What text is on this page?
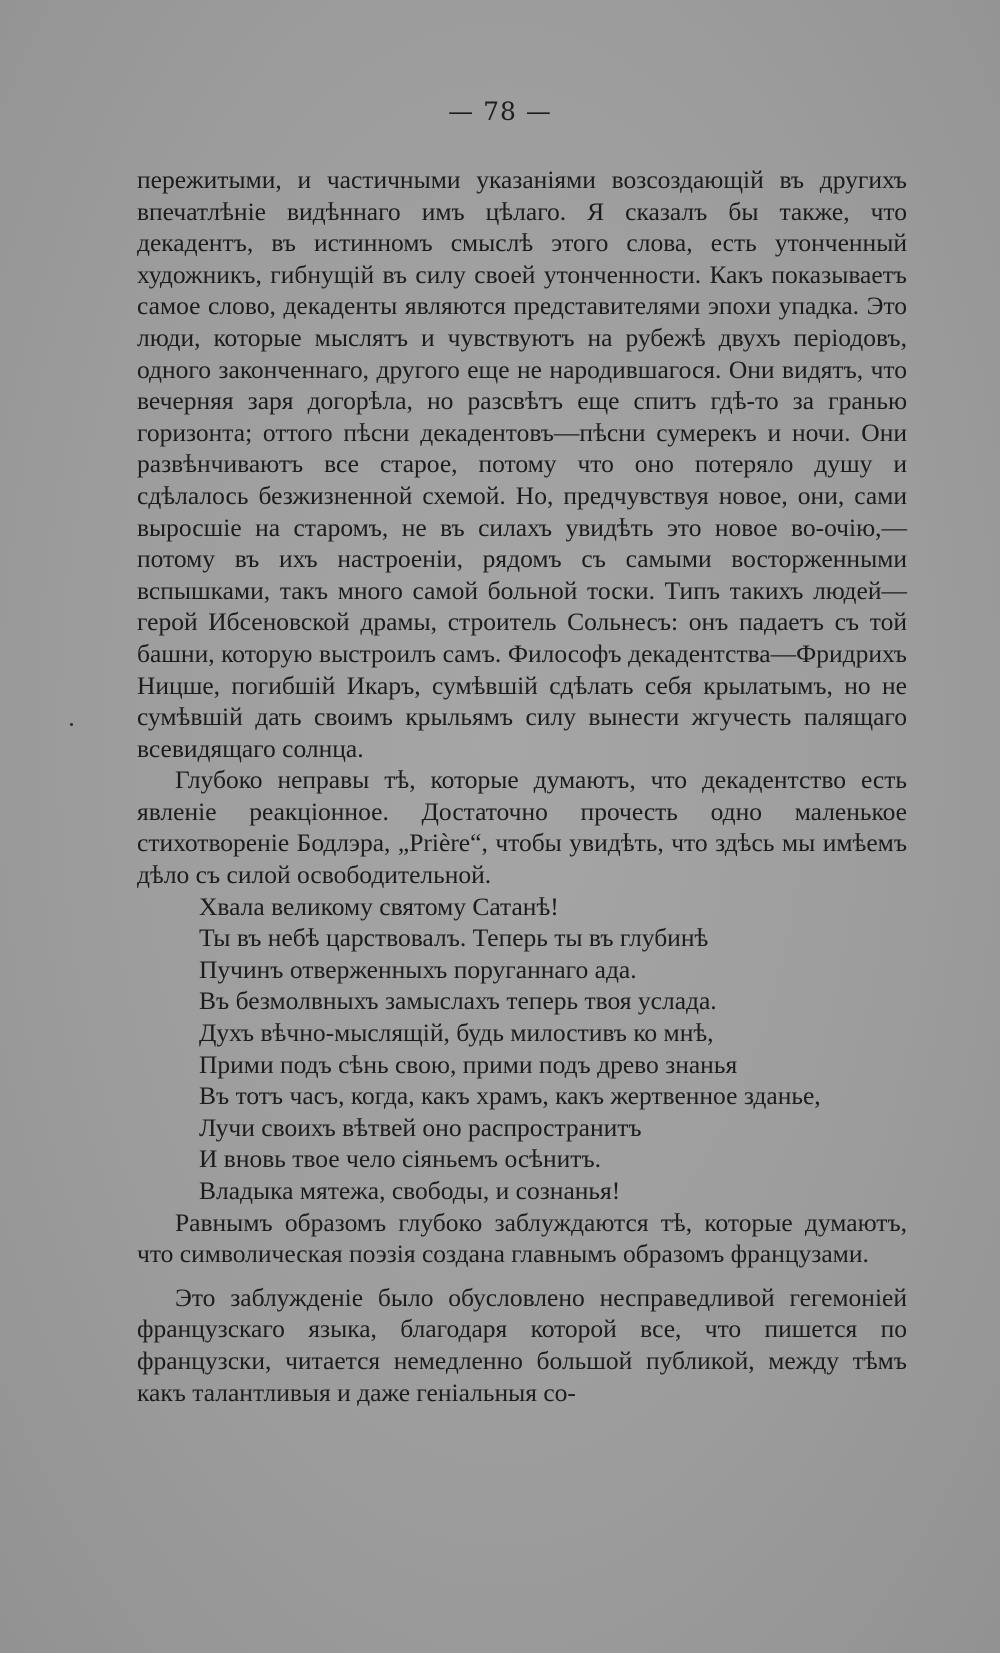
— 78 —

пережитыми, и частичными указаніями возсоздающій въ другихъ впечатлѣніе видѣннаго имъ цѣлаго. Я сказалъ бы также, что декадентъ, въ истинномъ смыслѣ этого слова, есть утонченный художникъ, гибнущій въ силу своей утонченности. Какъ показываетъ самое слово, декаденты являются представителями эпохи упадка. Это люди, которые мыслятъ и чувствуютъ на рубежѣ двухъ періодовъ, одного законченнаго, другого еще не народившагося. Они видятъ, что вечерняя заря догорѣла, но разсвѣтъ еще спитъ гдѣ-то за гранью горизонта; оттого пѣсни декадентовъ—пѣсни сумерекъ и ночи. Они развѣнчиваютъ все старое, потому что оно потеряло душу и сдѣлалось безжизненной схемой. Но, предчувствуя новое, они, сами выросшіе на старомъ, не въ силахъ увидѣть это новое во-очію,—потому въ ихъ настроеніи, рядомъ съ самыми восторженными вспышками, такъ много самой больной тоски. Типъ такихъ людей—герой Ибсеновской драмы, строитель Сольнесъ: онъ падаетъ съ той башни, которую выстроилъ самъ. Философъ декадентства—Фридрихъ Ницше, погибшій Икаръ, сумѣвшій сдѣлать себя крылатымъ, но не сумѣвшій дать своимъ крыльямъ силу вынести жгучесть палящаго всевидящаго солнца.

Глубоко неправы тѣ, которые думаютъ, что декадентство есть явленіе реакціонное. Достаточно прочесть одно маленькое стихотвореніе Бодлэра, „Prière“, чтобы увидѣть, что здѣсь мы имѣемъ дѣло съ силой освободительной.

Хвала великому святому Сатанѣ!
Ты въ небѣ царствовалъ. Теперь ты въ глубинѣ
Пучинъ отверженныхъ поруганнаго ада.
Въ безмолвныхъ замыслахъ теперь твоя услада.
Духъ вѣчно-мыслящій, будь милостивъ ко мнѣ,
Прими подъ сѣнь свою, прими подъ древо знанья
Въ тотъ часъ, когда, какъ храмъ, какъ жертвенное зданье,
Лучи своихъ вѣтвей оно распространитъ
И вновь твое чело сіяньемъ осѣнитъ.
Владыка мятежа, свободы, и сознанья!

Равнымъ образомъ глубоко заблуждаются тѣ, которые думаютъ, что символическая поэзія создана главнымъ образомъ французами.

Это заблужденіе было обусловлено несправедливой гегемоніей французскаго языка, благодаря которой все, что пишется по французски, читается немедленно большой публикой, между тѣмъ какъ талантливыя и даже геніальныя со-
